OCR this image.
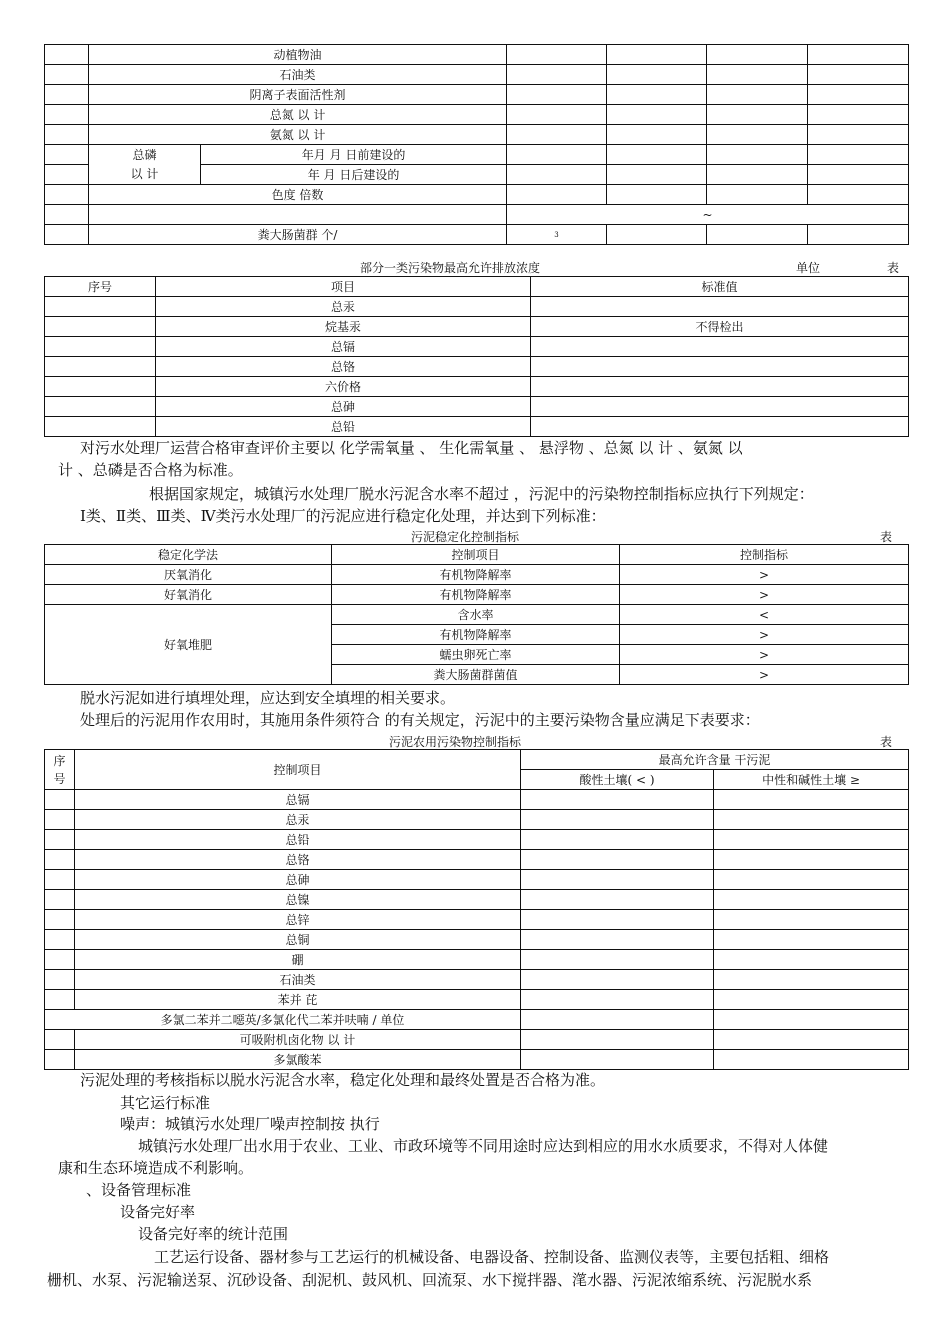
	动植物油					
	石油类					
	阴离子表面活性剂					
	总氮 以 计					
	氨氮 以 计					
	总磷	年月 月 日前建设的				
	以 计	年 月 日后建设的				
	色度 倍数					
			~			
	粪大肠菌群 个/		3			
部分一类污染物最高允许排放浓度	单位	表
序号	项目	标准值
	总汞	
	烷基汞	不得检出
	总镉	
	总铬	
	六价格	
	总砷	
	总铅	
对污水处理厂运营合格审查评价主要以 化学需氧量 、 生化需氧量 、 悬浮物 、总氮 以 计 、氨氮 以
计 、总磷是否合格为标准。
根据国家规定，城镇污水处理厂脱水污泥含水率不超过 ，污泥中的污染物控制指标应执行下列规定：
Ⅰ类、Ⅱ类、Ⅲ类、Ⅳ类污水处理厂的污泥应进行稳定化处理，并达到下列标准：
污泥稳定化控制指标	表
稳定化学法	控制项目	控制指标
厌氧消化	有机物降解率	>
好氧消化	有机物降解率	>
好氧堆肥	含水率	<
	有机物降解率	>
	蠕虫卵死亡率	>
	粪大肠菌群菌值	>
脱水污泥如进行填埋处理，应达到安全填埋的相关要求。
处理后的污泥用作农用时，其施用条件须符合 的有关规定，污泥中的主要污染物含量应满足下表要求：
污泥农用污染物控制指标	表
序
号	控制项目	最高允许含量 干污泥	
		酸性土壤( < )	中性和碱性土壤 ≥
	总镉		
	总汞		
	总铅		
	总铬		
	总砷		
	总镍		
	总锌		
	总铜		
	硼		
	石油类		
	苯并 芘		
多氯二苯并二噁英/多氯化代二苯并呋喃 / 单位			
	可吸附机卤化物 以 计		
	多氯酸苯		
污泥处理的考核指标以脱水污泥含水率，稳定化处理和最终处置是否合格为准。
其它运行标准
噪声：城镇污水处理厂噪声控制按 执行
城镇污水处理厂出水用于农业、工业、市政环境等不同用途时应达到相应的用水水质要求，不得对人体健
康和生态环境造成不利影响。
、设备管理标准
设备完好率
设备完好率的统计范围
工艺运行设备、器材参与工艺运行的机械设备、电器设备、控制设备、监测仪表等，主要包括粗、细格
栅机、水泵、污泥输送泵、沉砂设备、刮泥机、鼓风机、回流泵、水下搅拌器、滗水器、污泥浓缩系统、污泥脱水系
